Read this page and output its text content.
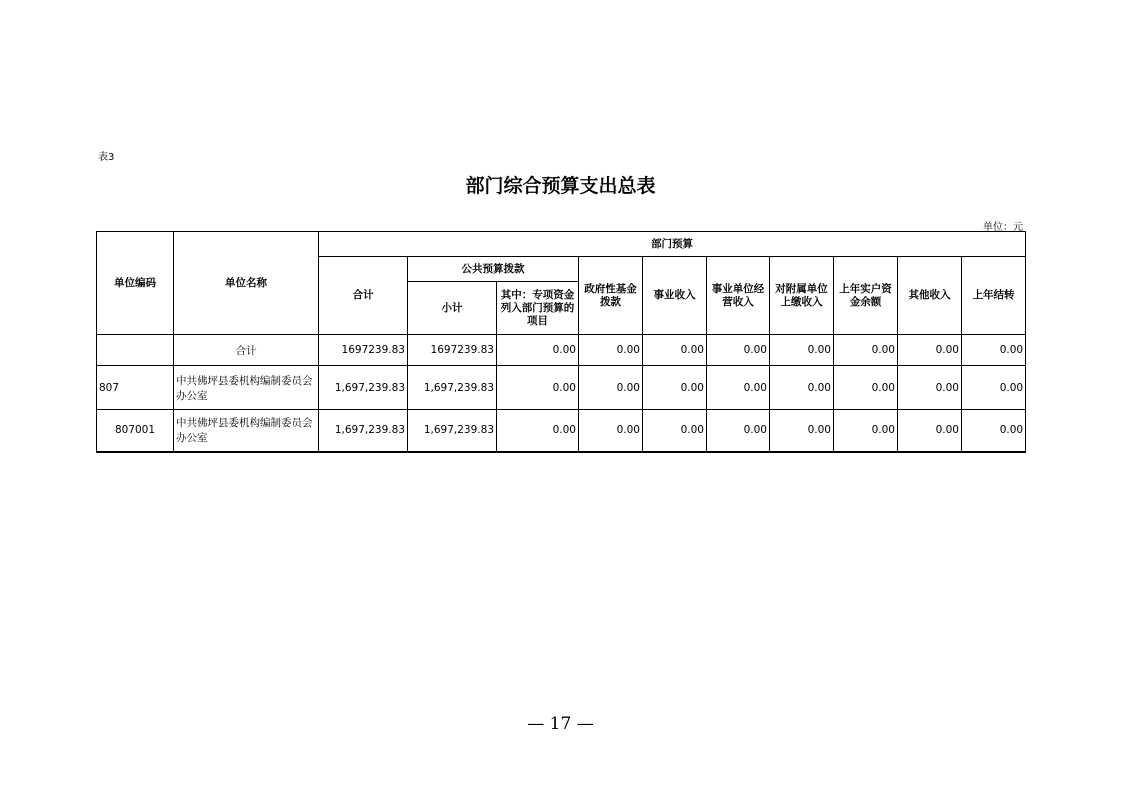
表3
部门综合预算支出总表
单位：元
单位编码	单位名称	部门预算									
		合计	公共预算拨款		政府性基金拨款	事业收入	事业单位经营收入	对附属单位上缴收入	上年实户资金余额	其他收入	上年结转
			小计	其中：专项资金列入部门预算的项目							
	合计	1697239.83	1697239.83	0.00	0.00	0.00	0.00	0.00	0.00	0.00	0.00
807	中共佛坪县委机构编制委员会办公室	1,697,239.83	1,697,239.83	0.00	0.00	0.00	0.00	0.00	0.00	0.00	0.00
807001	中共佛坪县委机构编制委员会办公室	1,697,239.83	1,697,239.83	0.00	0.00	0.00	0.00	0.00	0.00	0.00	0.00
— 17 —
